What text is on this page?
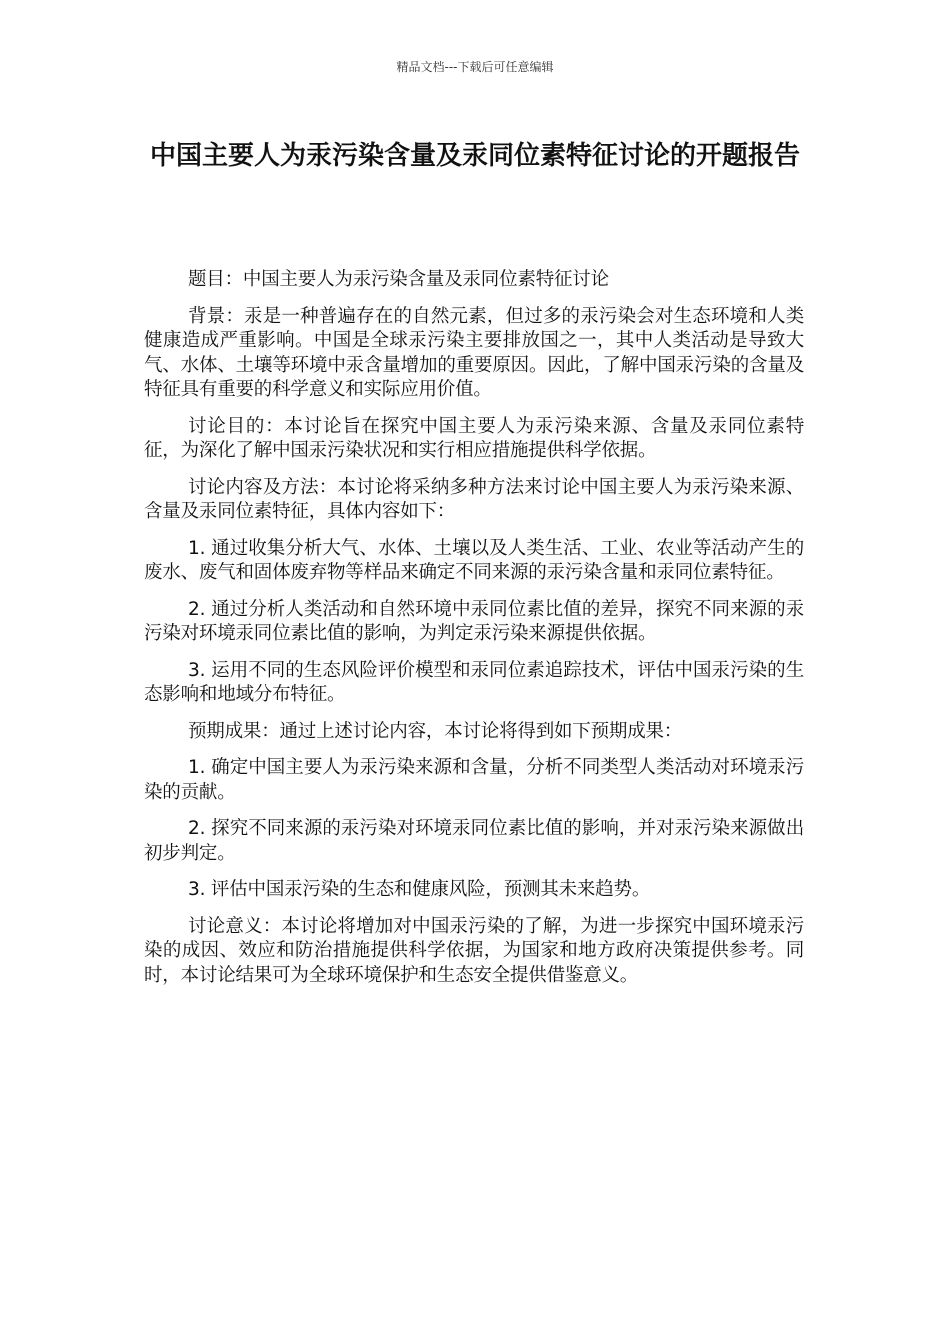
精品文档---下载后可任意编辑
中国主要人为汞污染含量及汞同位素特征讨论的开题报告

题目：中国主要人为汞污染含量及汞同位素特征讨论

背景：汞是一种普遍存在的自然元素，但过多的汞污染会对生态环境和人类健康造成严重影响。中国是全球汞污染主要排放国之一，其中人类活动是导致大气、水体、土壤等环境中汞含量增加的重要原因。因此，了解中国汞污染的含量及特征具有重要的科学意义和实际应用价值。

讨论目的：本讨论旨在探究中国主要人为汞污染来源、含量及汞同位素特征，为深化了解中国汞污染状况和实行相应措施提供科学依据。

讨论内容及方法：本讨论将采纳多种方法来讨论中国主要人为汞污染来源、含量及汞同位素特征，具体内容如下：

1. 通过收集分析大气、水体、土壤以及人类生活、工业、农业等活动产生的废水、废气和固体废弃物等样品来确定不同来源的汞污染含量和汞同位素特征。

2. 通过分析人类活动和自然环境中汞同位素比值的差异，探究不同来源的汞污染对环境汞同位素比值的影响，为判定汞污染来源提供依据。

3. 运用不同的生态风险评价模型和汞同位素追踪技术，评估中国汞污染的生态影响和地域分布特征。

预期成果：通过上述讨论内容，本讨论将得到如下预期成果：

1. 确定中国主要人为汞污染来源和含量，分析不同类型人类活动对环境汞污染的贡献。

2. 探究不同来源的汞污染对环境汞同位素比值的影响，并对汞污染来源做出初步判定。

3. 评估中国汞污染的生态和健康风险，预测其未来趋势。

讨论意义：本讨论将增加对中国汞污染的了解，为进一步探究中国环境汞污染的成因、效应和防治措施提供科学依据，为国家和地方政府决策提供参考。同时，本讨论结果可为全球环境保护和生态安全提供借鉴意义。
